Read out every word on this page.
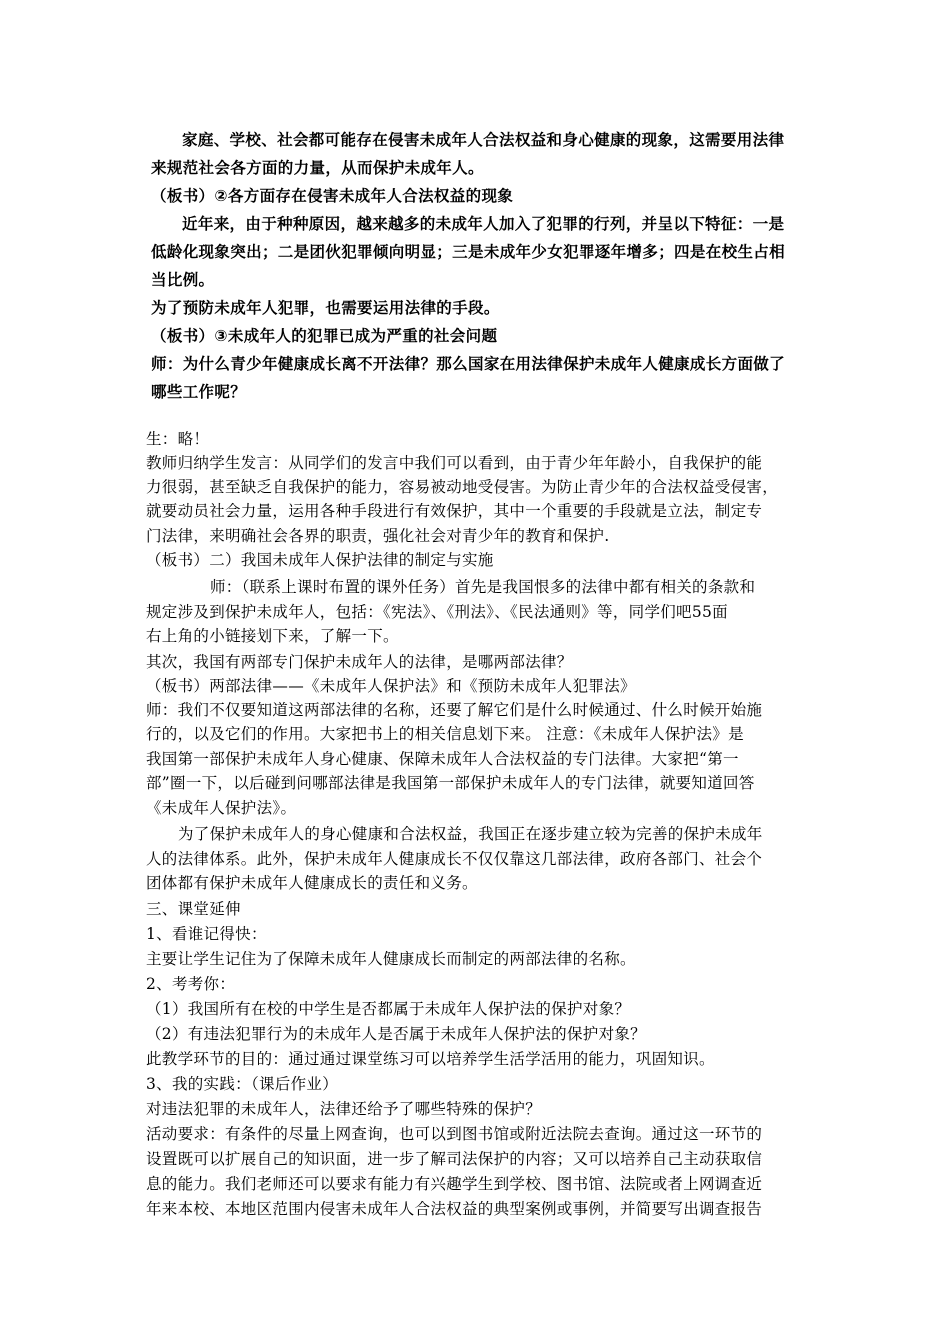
家庭、学校、社会都可能存在侵害未成年人合法权益和身心健康的现象，这需要用法律

来规范社会各方面的力量，从而保护未成年人。

（板书）②各方面存在侵害未成年人合法权益的现象

近年来，由于种种原因，越来越多的未成年人加入了犯罪的行列，并呈以下特征：一是

低龄化现象突出；二是团伙犯罪倾向明显；三是未成年少女犯罪逐年增多；四是在校生占相

当比例。

为了预防未成年人犯罪，也需要运用法律的手段。

（板书）③未成年人的犯罪已成为严重的社会问题

师：为什么青少年健康成长离不开法律？那么国家在用法律保护未成年人健康成长方面做了

哪些工作呢？

生：略！

教师归纳学生发言：从同学们的发言中我们可以看到，由于青少年年龄小，自我保护的能

力很弱，甚至缺乏自我保护的能力，容易被动地受侵害。为防止青少年的合法权益受侵害，

就要动员社会力量，运用各种手段进行有效保护，其中一个重要的手段就是立法，制定专

门法律，来明确社会各界的职责，强化社会对青少年的教育和保护.

（板书）二）我国未成年人保护法律的制定与实施

师：（联系上课时布置的课外任务）首先是我国恨多的法律中都有相关的条款和

规定涉及到保护未成年人，包括：《宪法》、《刑法》、《民法通则》等，同学们吧55面

右上角的小链接划下来，了解一下。

其次，我国有两部专门保护未成年人的法律，是哪两部法律？

（板书）两部法律——《未成年人保护法》和《预防未成年人犯罪法》

师：我们不仅要知道这两部法律的名称，还要了解它们是什么时候通过、什么时候开始施

行的，以及它们的作用。大家把书上的相关信息划下来。 注意：《未成年人保护法》是

我国第一部保护未成年人身心健康、保障未成年人合法权益的专门法律。大家把“第一

部”圈一下，以后碰到问哪部法律是我国第一部保护未成年人的专门法律，就要知道回答

《未成年人保护法》。

为了保护未成年人的身心健康和合法权益，我国正在逐步建立较为完善的保护未成年

人的法律体系。此外，保护未成年人健康成长不仅仅靠这几部法律，政府各部门、社会个

团体都有保护未成年人健康成长的责任和义务。

三、课堂延伸

1、看谁记得快：

主要让学生记住为了保障未成年人健康成长而制定的两部法律的名称。

2、考考你：

（1）我国所有在校的中学生是否都属于未成年人保护法的保护对象？

（2）有违法犯罪行为的未成年人是否属于未成年人保护法的保护对象？

此教学环节的目的：通过通过课堂练习可以培养学生活学活用的能力，巩固知识。

3、我的实践：（课后作业）

对违法犯罪的未成年人，法律还给予了哪些特殊的保护？

活动要求：有条件的尽量上网查询，也可以到图书馆或附近法院去查询。通过这一环节的

设置既可以扩展自己的知识面，进一步了解司法保护的内容；又可以培养自己主动获取信

息的能力。我们老师还可以要求有能力有兴趣学生到学校、图书馆、法院或者上网调查近

年来本校、本地区范围内侵害未成年人合法权益的典型案例或事例，并简要写出调查报告
